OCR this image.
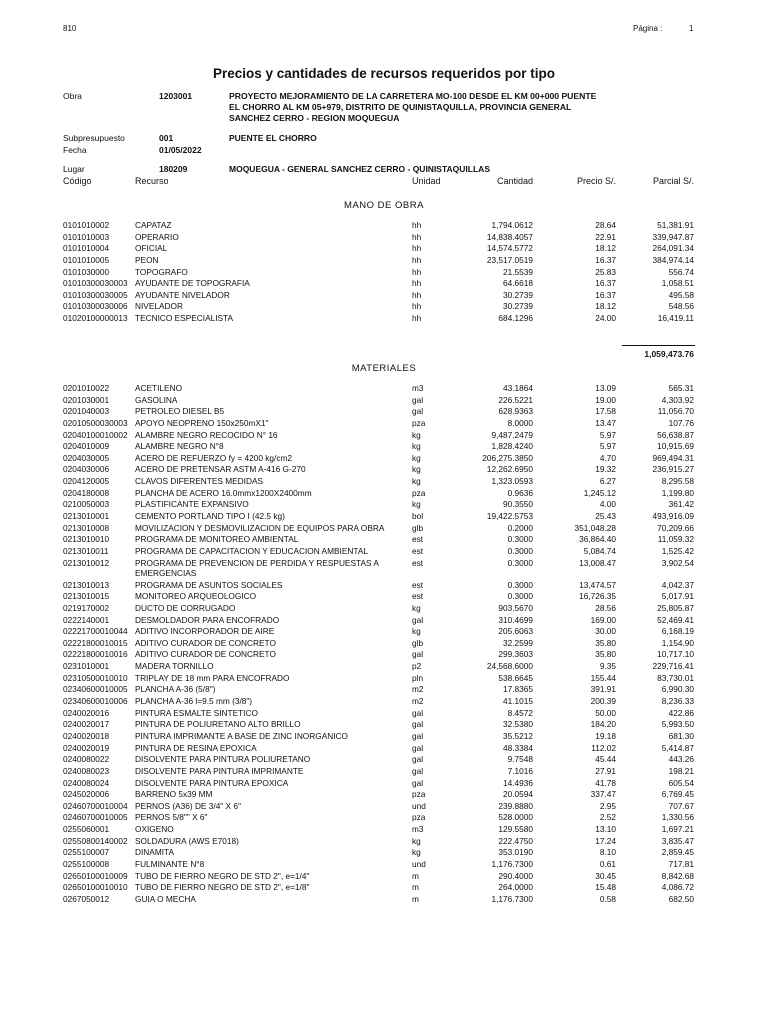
810	Página :	1
Precios y cantidades de recursos requeridos por tipo
Obra	1203001	PROYECTO MEJORAMIENTO DE LA CARRETERA MO-100 DESDE EL KM 00+000 PUENTE EL CHORRO AL KM 05+979, DISTRITO DE QUINISTAQUILLA, PROVINCIA GENERAL SANCHEZ CERRO - REGION MOQUEGUA
Subpresupuesto	001	PUENTE EL CHORRO
Fecha	01/05/2022
Lugar	180209	MOQUEGUA - GENERAL SANCHEZ CERRO - QUINISTAQUILLAS
Código	Recurso	Unidad	Cantidad	Precio S/.	Parcial S/.
MANO DE OBRA
0101010002	CAPATAZ	hh	1,794.0612	28.64	51,381.91
0101010003	OPERARIO	hh	14,838.4057	22.91	339,947.87
0101010004	OFICIAL	hh	14,574.5772	18.12	264,091.34
0101010005	PEON	hh	23,517.0519	16.37	384,974.14
0101030000	TOPOGRAFO	hh	21.5539	25.83	556.74
01010300030003 AYUDANTE DE TOPOGRAFIA	hh	64.6618	16.37	1,058.51
01010300030005 AYUDANTE NIVELADOR	hh	30.2739	16.37	495.58
01010300030006 NIVELADOR	hh	30.2739	18.12	548.56
01020100000013 TECNICO ESPECIALISTA	hh	684.1296	24.00	16,419.11
1,059,473.76
MATERIALES
0201010022	ACETILENO	m3	43.1864	13.09	565.31
0201030001	GASOLINA	gal	226.5221	19.00	4,303.92
0201040003	PETROLEO DIESEL B5	gal	628.9363	17.58	11,056.70
02010500030003 APOYO NEOPRENO 150x250mX1"	pza	8.0000	13.47	107.76
02040100010002 ALAMBRE NEGRO RECOCIDO N° 16	kg	9,487.2479	5.97	56,638.87
0204010009	ALAMBRE NEGRO N°8	kg	1,828.4240	5.97	10,915.69
0204030005	ACERO DE REFUERZO fy = 4200 kg/cm2	kg	206,275.3850	4.70	969,494.31
0204030006	ACERO DE PRETENSAR ASTM A-416 G-270	kg	12,262.6950	19.32	236,915.27
0204120005	CLAVOS DIFERENTES MEDIDAS	kg	1,323.0593	6.27	8,295.58
0204180008	PLANCHA DE ACERO 16.0mmx1200X2400mm	pza	0.9636	1,245.12	1,199.80
0210050003	PLASTIFICANTE EXPANSIVO	kg	90.3550	4.00	361.42
0213010001	CEMENTO PORTLAND TIPO I (42.5 kg)	bol	19,422.5753	25.43	493,916.09
0213010008	MOVILIZACION Y DESMOVILIZACION DE EQUIPOS PARA OBRA	glb	0.2000	351,048.28	70,209.66
0213010010	PROGRAMA DE MONITOREO AMBIENTAL	est	0.3000	36,864.40	11,059.32
0213010011	PROGRAMA DE CAPACITACION Y EDUCACION AMBIENTAL	est	0.3000	5,084.74	1,525.42
0213010012	PROGRAMA DE PREVENCION DE PERDIDA Y RESPUESTAS A EMERGENCIAS
est	0.3000	13,008.47	3,902.54
0213010013	PROGRAMA DE ASUNTOS SOCIALES	est	0.3000	13,474.57	4,042.37
0213010015	MONITOREO ARQUEOLOGICO	est	0.3000	16,726.35	5,017.91
0219170002	DUCTO DE CORRUGADO	kg	903.5670	28.56	25,805.87
0222140001	DESMOLDADOR PARA ENCOFRADO	gal	310.4699	169.00	52,469.41
02221700010044 ADITIVO INCORPORADOR DE AIRE	kg	205.6063	30.00	6,168.19
02221800010015 ADITIVO CURADOR DE CONCRETO	glb	32.2599	35.80	1,154.90
02221800010016 ADITIVO CURADOR DE CONCRETO	gal	299.3603	35.80	10,717.10
0231010001	MADERA TORNILLO	p2	24,568.6000	9.35	229,716.41
02310500010010 TRIPLAY DE 18 mm PARA ENCOFRADO	pln	538.6645	155.44	83,730.01
02340600010005 PLANCHA A-36 (5/8")	m2	17.8365	391.91	6,990.30
02340600010006 PLANCHA A-36 l=9.5 mm (3/8")	m2	41.1015	200.39	8,236.33
0240020016	PINTURA ESMALTE SINTETICO	gal	8.4572	50.00	422.86
0240020017	PINTURA DE POLIURETANO ALTO BRILLO	gal	32.5380	184.20	5,993.50
0240020018	PINTURA IMPRIMANTE A BASE DE ZINC INORGANICO	gal	35.5212	19.18	681.30
0240020019	PINTURA DE RESINA EPOXICA	gal	48.3384	112.02	5,414.87
0240080022	DISOLVENTE PARA PINTURA POLIURETANO	gal	9.7548	45.44	443.26
0240080023	DISOLVENTE PARA PINTURA IMPRIMANTE	gal	7.1016	27.91	198.21
0240080024	DISOLVENTE PARA PINTURA EPOXICA	gal	14.4936	41.78	605.54
0245020006	BARRENO 5x39 MM	pza	20.0594	337.47	6,769.45
02460700010004 PERNOS (A36) DE 3/4" X 6"	und	239.8880	2.95	707.67
02460700010005 PERNOS 5/8"" X 6"	pza	528.0000	2.52	1,330.56
0255060001	OXIGENO	m3	129.5580	13.10	1,697.21
02550800140002 SOLDADURA (AWS E7018)	kg	222.4750	17.24	3,835.47
0255100007	DINAMITA	kg	353.0190	8.10	2,859.45
0255100008	FULMINANTE N°8	und	1,176.7300	0.61	717.81
02650100010009 TUBO DE FIERRO NEGRO DE STD 2", e=1/4"	m	290.4000	30.45	8,842.68
02650100010010 TUBO DE FIERRO NEGRO DE STD 2", e=1/8"	m	264.0000	15.48	4,086.72
0267050012	GUIA O MECHA	m	1,176.7300	0.58	682.50
